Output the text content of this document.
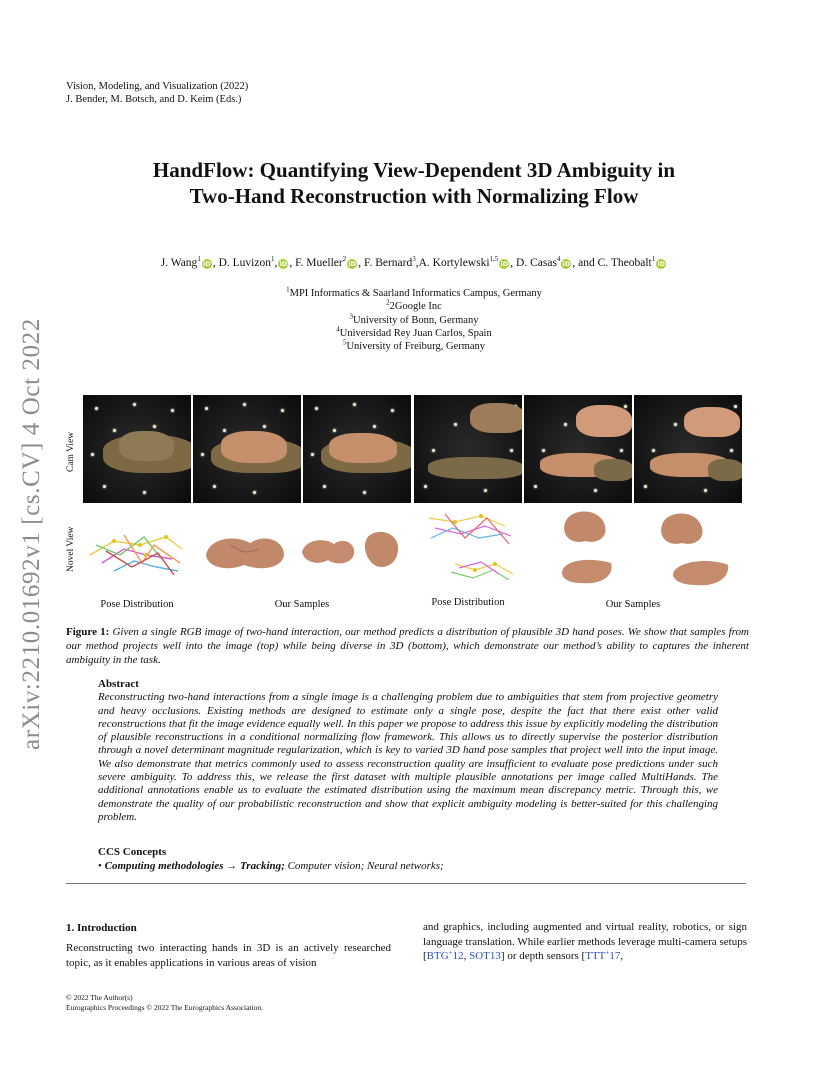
Vision, Modeling, and Visualization (2022)
J. Bender, M. Botsch, and D. Keim (Eds.)
HandFlow: Quantifying View-Dependent 3D Ambiguity in
Two-Hand Reconstruction with Normalizing Flow
J. Wang$^1$iD , D. Luvizon$^1$, iD , F. Mueller$^2$iD , F. Bernard$^3$,A. Kortylewski$^{1,5}$iD , D. Casas$^4$iD , and C. Theobalt$^1$iD
$^1$MPI Informatics & Saarland Informatics Campus, Germany
$^2$2Google Inc
$^3$University of Bonn, Germany
$^4$Universidad Rey Juan Carlos, Spain
$^5$University of Freiburg, Germany
arXiv:2210.01692v1 [cs.CV] 4 Oct 2022 Cam View
Novel View
Pose Distribution	Our Samples	Pose Distribution	Our Samples
Figure 1: Given a single RGB image of two-hand interaction, our method predicts a distribution of plausible 3D hand poses. We show that samples from our method projects well into the image (top) while being diverse in 3D (bottom), which demonstrate our method’s ability to captures the inherent ambiguity in the task.
Abstract

Reconstructing two-hand interactions from a single image is a challenging problem due to ambiguities that stem from projective geometry and heavy occlusions. Existing methods are designed to estimate only a single pose, despite the fact that there exist other valid reconstructions that fit the image evidence equally well. In this paper we propose to address this issue by explicitly modeling the distribution of plausible reconstructions in a conditional normalizing flow framework. This allows us to directly supervise the posterior distribution through a novel determinant magnitude regularization, which is key to varied 3D hand pose samples that project well into the input image. We also demonstrate that metrics commonly used to assess reconstruction quality are insufficient to evaluate pose predictions under such severe ambiguity. To address this, we release the first dataset with multiple plausible annotations per image called MultiHands. The additional annotations enable us to evaluate the estimated distribution using the maximum mean discrepancy metric. Through this, we demonstrate the quality of our probabilistic reconstruction and show that explicit ambiguity modeling is better-suited for this challenging problem.

CCS Concepts
• Computing methodologies → Tracking; Computer vision; Neural networks;
1. Introduction
Reconstructing two interacting hands in 3D is an actively researched topic, as it enables applications in various areas of vision
and graphics, including augmented and virtual reality, robotics, or sign language translation. While earlier methods leverage multi-camera setups [BTG+12, SOT13] or depth sensors [TTT+17,
© 2022 The Author(s)
Eurographics Proceedings © 2022 The Eurographics Association.
